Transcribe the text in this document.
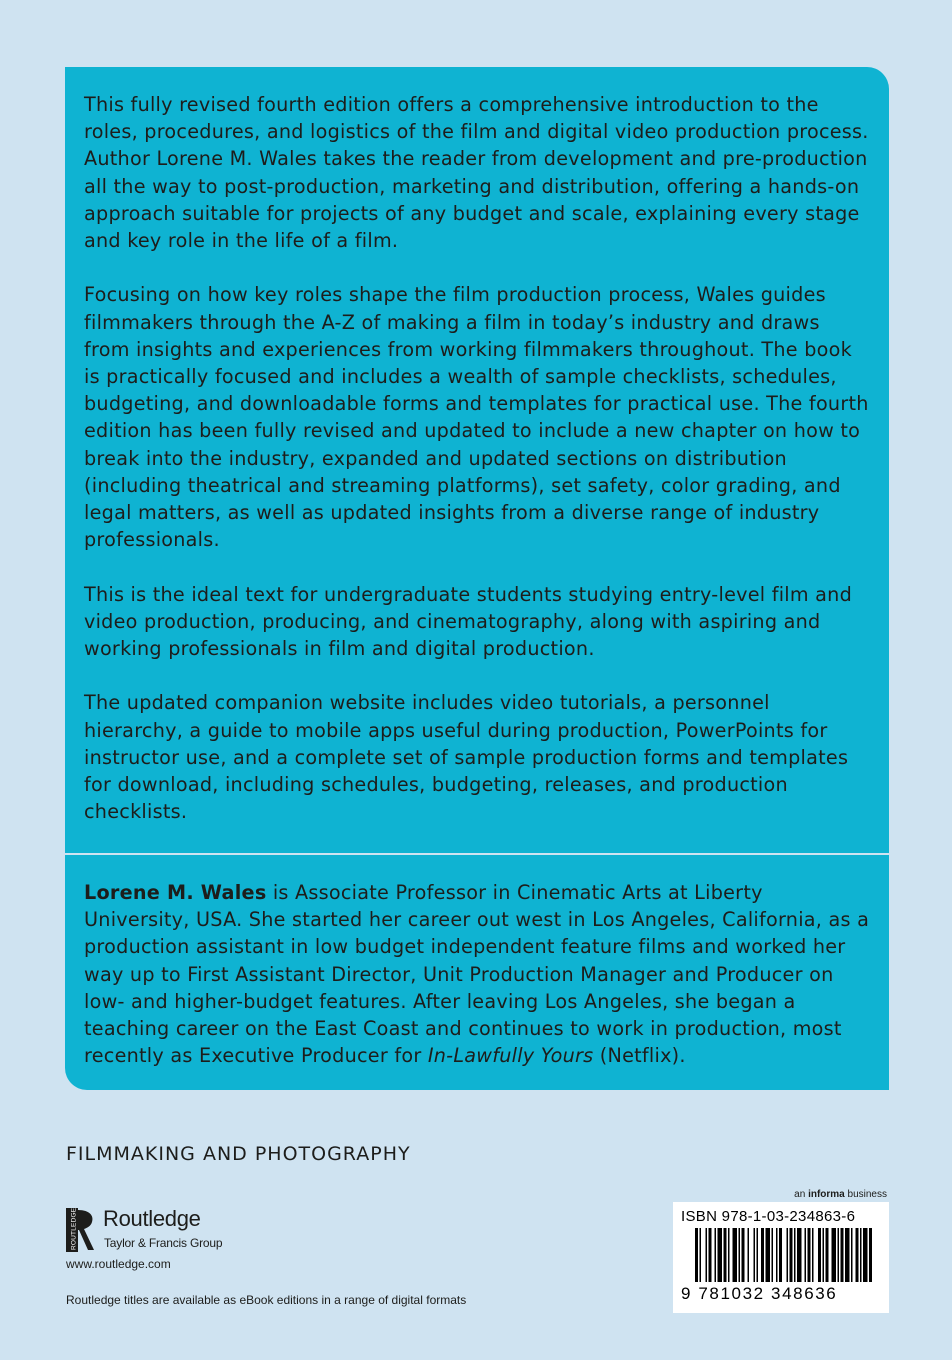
This fully revised fourth edition offers a comprehensive introduction to the roles, procedures, and logistics of the film and digital video production process. Author Lorene M. Wales takes the reader from development and pre-production all the way to post-production, marketing and distribution, offering a hands-on approach suitable for projects of any budget and scale, explaining every stage and key role in the life of a film.

Focusing on how key roles shape the film production process, Wales guides filmmakers through the A-Z of making a film in today’s industry and draws from insights and experiences from working filmmakers throughout. The book is practically focused and includes a wealth of sample checklists, schedules, budgeting, and downloadable forms and templates for practical use. The fourth edition has been fully revised and updated to include a new chapter on how to break into the industry, expanded and updated sections on distribution (including theatrical and streaming platforms), set safety, color grading, and legal matters, as well as updated insights from a diverse range of industry professionals.

This is the ideal text for undergraduate students studying entry-level film and video production, producing, and cinematography, along with aspiring and working professionals in film and digital production.

The updated companion website includes video tutorials, a personnel hierarchy, a guide to mobile apps useful during production, PowerPoints for instructor use, and a complete set of sample production forms and templates for download, including schedules, budgeting, releases, and production checklists.

Lorene M. Wales is Associate Professor in Cinematic Arts at Liberty University, USA. She started her career out west in Los Angeles, California, as a production assistant in low budget independent feature films and worked her way up to First Assistant Director, Unit Production Manager and Producer on low- and higher-budget features. After leaving Los Angeles, she began a teaching career on the East Coast and continues to work in production, most recently as Executive Producer for In-Lawfully Yours (Netflix).

FILMMAKING AND PHOTOGRAPHY
ROUTLEDGE Routledge
Taylor & Francis Group
www.routledge.com
Routledge titles are available as eBook editions in a range of digital formats
an informa business
ISBN 978-1-03-234863-6
9 781032 348636
